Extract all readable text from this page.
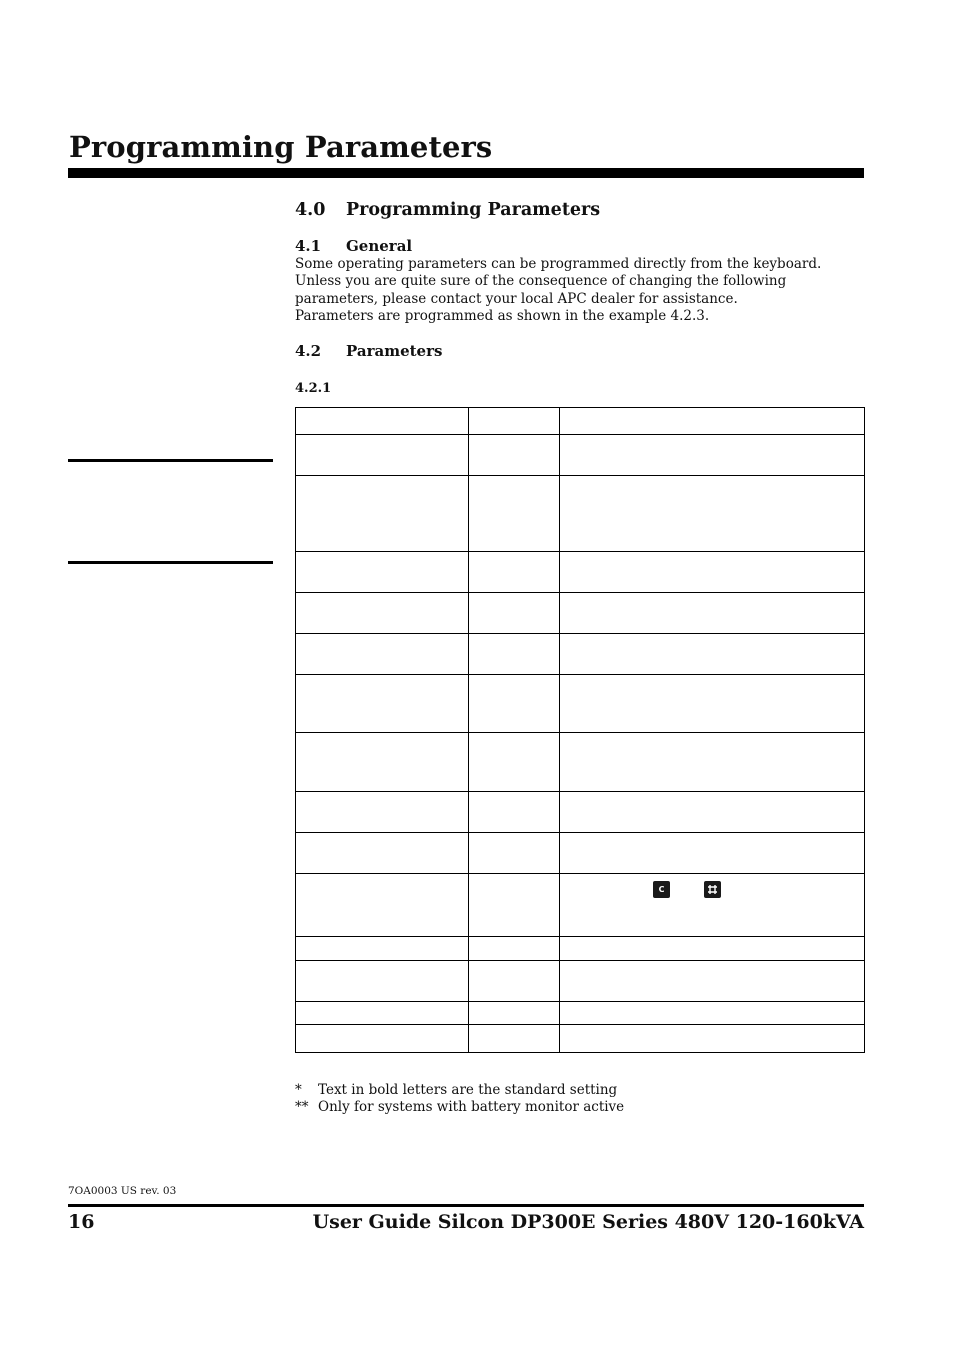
Programming Parameters
4.0 Programming Parameters
4.1 General

Some operating parameters can be programmed directly from the keyboard. Unless you are quite sure of the consequence of changing the following parameters, please contact your local APC dealer for assistance.

Parameters are programmed as shown in the example 4.2.3.

4.2 Parameters
4.2.1

		C

* Text in bold letters are the standard setting
** Only for systems with battery monitor active
7OA0003 US rev. 03
16	User Guide Silcon DP300E Series 480V 120-160kVA
